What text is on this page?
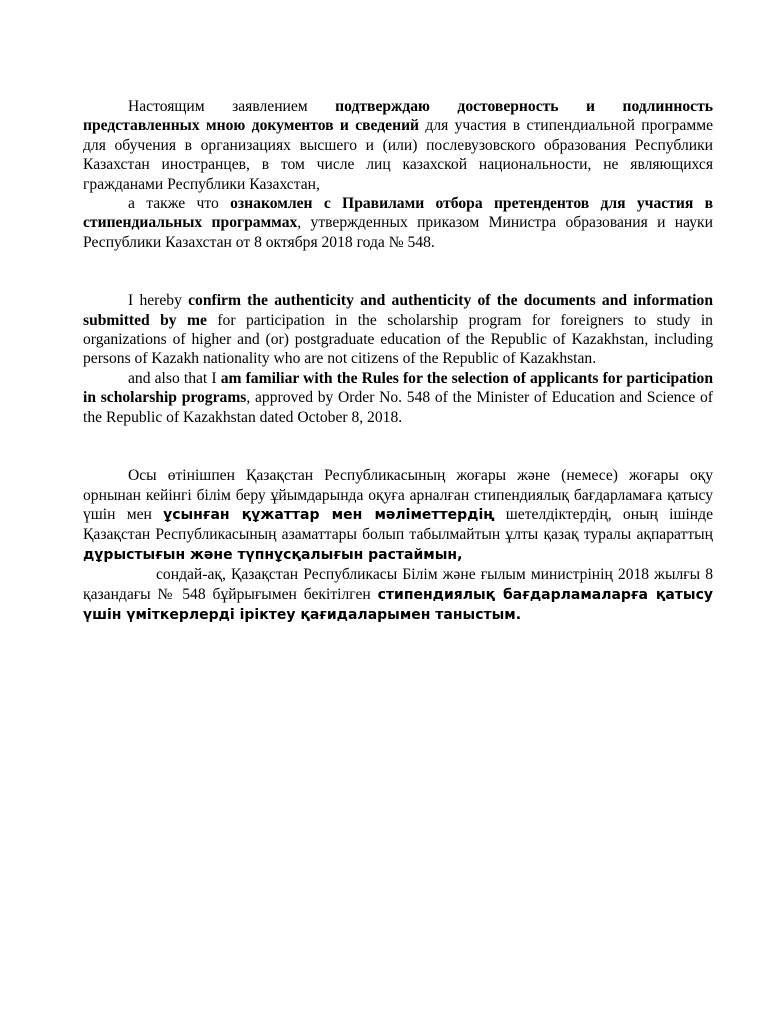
Настоящим заявлением подтверждаю достоверность и подлинность представленных мною документов и сведений для участия в стипендиальной программе для обучения в организациях высшего и (или) послевузовского образования Республики Казахстан иностранцев, в том числе лиц казахской национальности, не являющихся гражданами Республики Казахстан,

а также что ознакомлен с Правилами отбора претендентов для участия в стипендиальных программах, утвержденных приказом Министра образования и науки Республики Казахстан от 8 октября 2018 года № 548.

I hereby confirm the authenticity and authenticity of the documents and information submitted by me for participation in the scholarship program for foreigners to study in organizations of higher and (or) postgraduate education of the Republic of Kazakhstan, including persons of Kazakh nationality who are not citizens of the Republic of Kazakhstan.

and also that I am familiar with the Rules for the selection of applicants for participation in scholarship programs, approved by Order No. 548 of the Minister of Education and Science of the Republic of Kazakhstan dated October 8, 2018.

Осы өтінішпен Қазақстан Республикасының жоғары және (немесе) жоғары оқу орнынан кейінгі білім беру ұйымдарында оқуға арналған стипендиялық бағдарламаға қатысу үшін мен ұсынған құжаттар мен мәліметтердің шетелдіктердің, оның ішінде Қазақстан Республикасының азаматтары болып табылмайтын ұлты қазақ туралы ақпараттың дұрыстығын және түпнұсқалығын растаймын,

сондай-ақ, Қазақстан Республикасы Білім және ғылым министрінің 2018 жылғы 8 қазандағы № 548 бұйрығымен бекітілген стипендиялық бағдарламаларға қатысу үшін үміткерлерді іріктеу қағидаларымен таныстым.
